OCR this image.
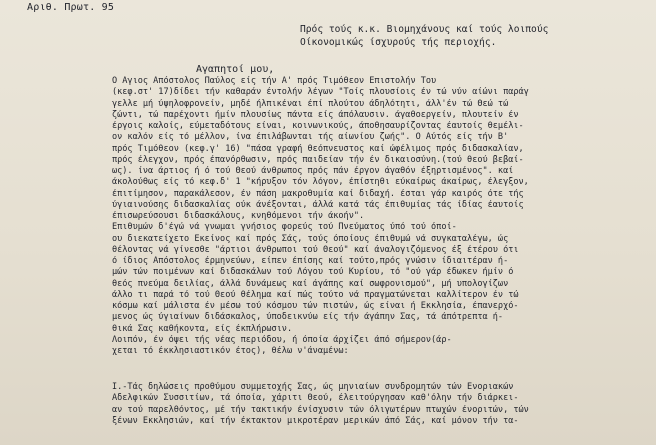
Αριθ. Πρωτ. 95
Πρός τούς κ.κ. Βιομηχάνους καί τούς λοιπούς
Οίκονομικώς ίσχυρούς τής περιοχής.
Αγαπητοί μου,
Ο Αγιος Απόστολος Παύλος είς τήν Α' πρός Τιμόθεον Επιστολήν Του
(κεφ.στ' 17)δίδει τήν καθαράν έντολήν λέγων "Τοίς πλουσίοις έν τώ νύν αίώνι παράγ
γελλε μή ύψηλοφρονείν, μηδέ ήλπικέναι έπί πλούτου άδηλότητι, άλλ'έν τώ Θεώ τώ
ζώντι, τώ παρέχοντι ήμίν πλουσίως πάντα είς άπόλαυσιν. άγαθοεργείν, πλουτείν έν
έργοις καλοίς, εύμεταδότους είναι, κοινωνικούς, άποθησαυρίζοντας έαυτοίς θεμέλι-
ον καλόν είς τό μέλλον, ίνα έπιλάβωνται τής αίωνίου ζωής". Ο Αύτός είς τήν Β'
πρός Τιμόθεον (κεφ.γ' 16) "πάσα γραφή θεόπνευστος καί ώφέλιμος πρός διδασκαλίαν,
πρός έλεγχον, πρός έπανόρθωσιν, πρός παιδείαν τήν έν δικαιοσύνη.(τού θεού βεβαί-
ως). ίνα άρτιος ή ό τού Θεού άνθρωπος πρός πάν έργον άγαθόν έξηρτισμένος". καί
άκολούθως είς τό κεφ.δ' 1 "κήρυξον τόν λόγον, έπίστηθι εύκαίρως άκαίρως, έλεγξον,
έπιτίμησον, παρακάλεσον, έν πάση μακροθυμία καί διδαχή. έσται γάρ καιρός ότε τής
ύγιαινούσης διδασκαλίας ούκ άνέξονται, άλλά κατά τάς έπιθυμίας τάς ίδίας έαυτοίς
έπισωρεύσουσι διδασκάλους, κνηθόμενοι τήν άκοήν".
Επιθυμών δ'έγώ νά γνωμαι γνήσιος φορεύς τού Πνεύματος ύπό τού όποί-
ου διεκατείχετο Εκείνος καί πρός Σάς, τούς όποίους έπιθυμώ νά συγκαταλέγω, ώς
θέλοντας νά γίνεσθε "άρτιοι άνθρωποι τού Θεού" καί άναλογιζόμενος έξ έτέρου ότι
ό ίδιος Απόστολος έρμηνεύων, είπεν έπίσης καί τούτο,πρός γνώσιν ίδιαιτέραν ή-
μών τών ποιμένων καί διδασκάλων τού Λόγου τού Κυρίου, τό "ού γάρ έδωκεν ήμίν ό
θεός πνεύμα δειλίας, άλλά δυνάμεως καί άγάπης καί σωφρονισμού", μή υπολογίζων
άλλο τι παρά τό τού Θεού θέλημα καί πώς τούτο νά πραγματώνεται καλλίτερον έν τώ
κόσμω καί μάλιστα έν μέσω τού κόσμου τών πιστών, ώς είναι ή Εκκλησία, έπανερχό-
μενος ώς ύγιαίνων διδάσκαλος, ύποδεικνύω είς τήν άγάπην Σας, τά άπότρεπτα ή-
θικά Σας καθήκοντα, είς έκπλήρωσιν.
Λοιπόν, έν όψει τής νέας περιόδου, ή όποία άρχίζει άπό σήμερον(άρ-
χεται τό έκκλησιαστικόν έτος), θέλω ν'άναμένω:
Ι.-Τάς δηλώσεις προθύμου συμμετοχής Σας, ώς μηνιαίων συνδρομητών τών Ενοριακών
Αδελφικών Συσσιτίων, τά όποία, χάριτι Θεού, έλειτούργησαν καθ'όλην τήν διάρκει-
αν τού παρελθόντος, μέ τήν τακτικήν ένίσχυσιν τών όλιγωτέρων πτωχών ένοριτών, τών
ξένων Εκκλησιών, καί τήν έκτακτον μικροτέραν μερικών άπό Σάς, καί μόνον τήν τα-
